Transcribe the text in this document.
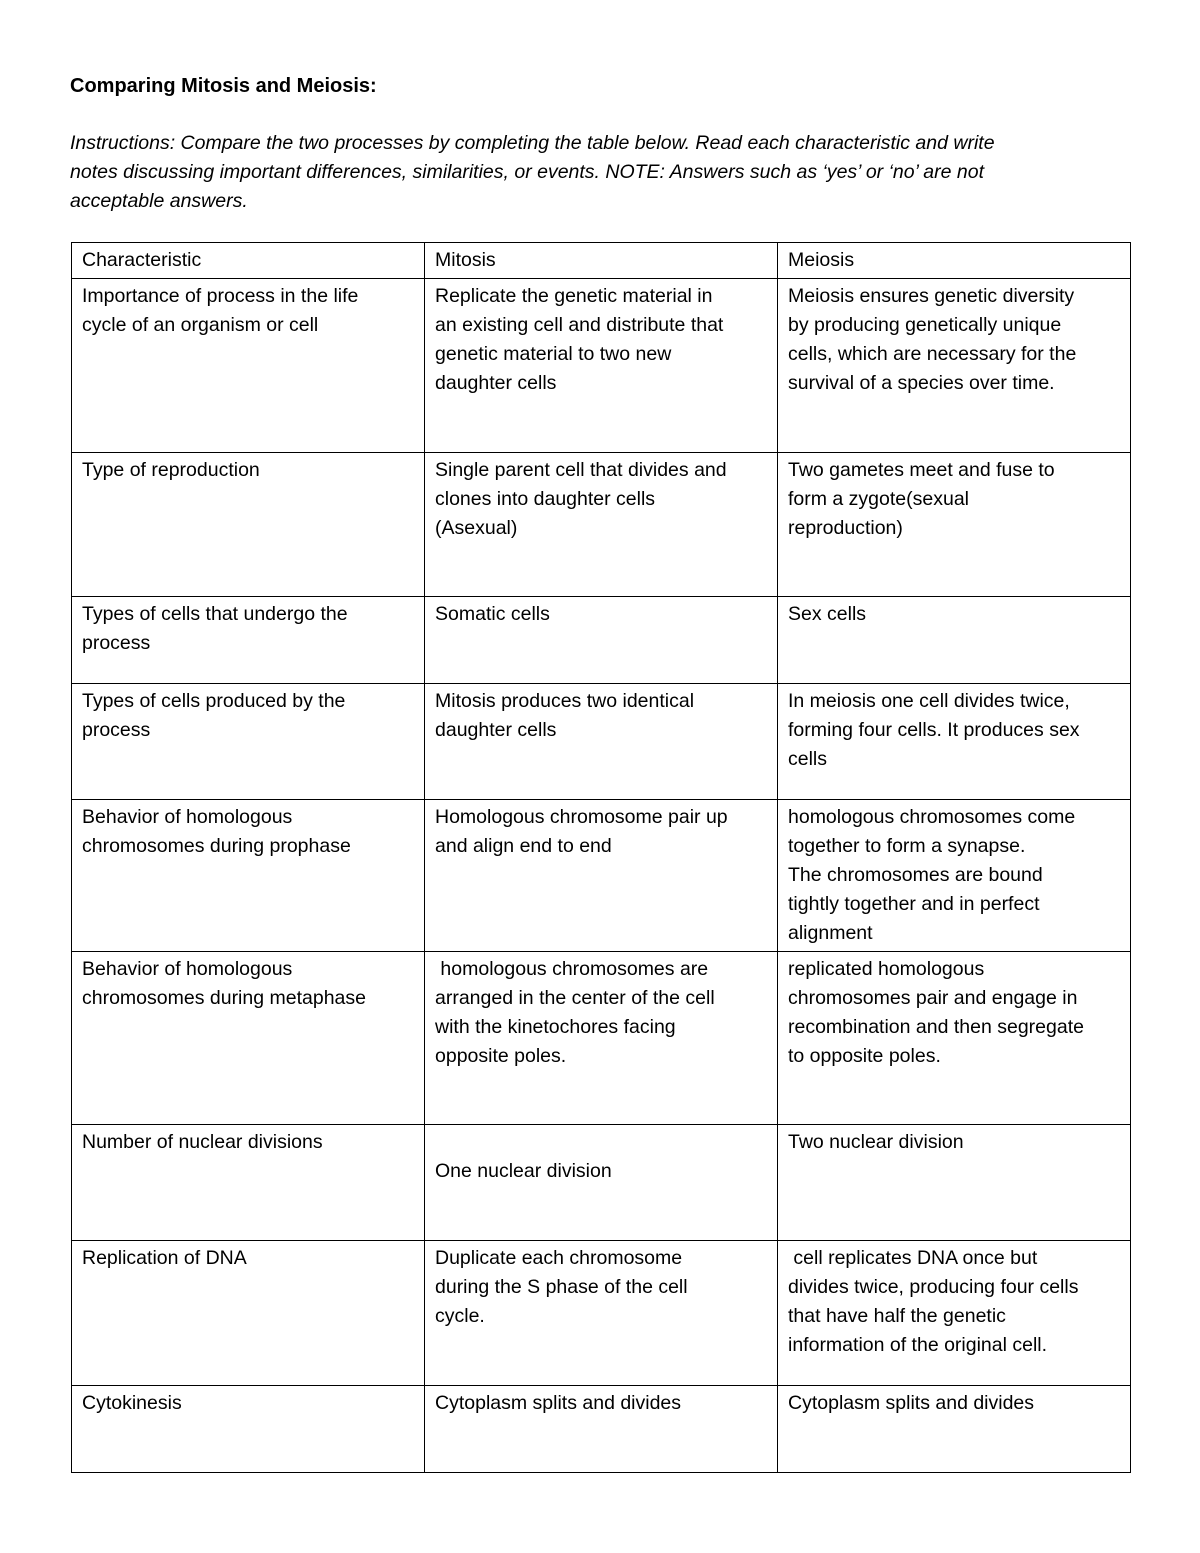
Comparing Mitosis and Meiosis:
Instructions: Compare the two processes by completing the table below. Read each characteristic and write
notes discussing important differences, similarities, or events. NOTE: Answers such as ‘yes’ or ‘no’ are not
acceptable answers.
Characteristic	Mitosis	Meiosis

Importance of process in the life
cycle of an organism or cell	Replicate the genetic material in
an existing cell and distribute that
genetic material to two new
daughter cells	Meiosis ensures genetic diversity
by producing genetically unique
cells, which are necessary for the
survival of a species over time.

Type of reproduction	Single parent cell that divides and
clones into daughter cells
(Asexual)	Two gametes meet and fuse to
form a zygote(sexual
reproduction)

Types of cells that undergo the
process	Somatic cells	Sex cells

Types of cells produced by the
process	Mitosis produces two identical
daughter cells	In meiosis one cell divides twice,
forming four cells. It produces sex
cells

Behavior of homologous
chromosomes during prophase	Homologous chromosome pair up
and align end to end	homologous chromosomes come
together to form a synapse.
The chromosomes are bound
tightly together and in perfect
alignment

Behavior of homologous
chromosomes during metaphase	homologous chromosomes are
arranged in the center of the cell
with the kinetochores facing
opposite poles.	replicated homologous
chromosomes pair and engage in
recombination and then segregate
to opposite poles.

Number of nuclear divisions	One nuclear division	Two nuclear division

Replication of DNA	Duplicate each chromosome
during the S phase of the cell
cycle.	cell replicates DNA once but
divides twice, producing four cells
that have half the genetic
information of the original cell.

Cytokinesis	Cytoplasm splits and divides	Cytoplasm splits and divides
